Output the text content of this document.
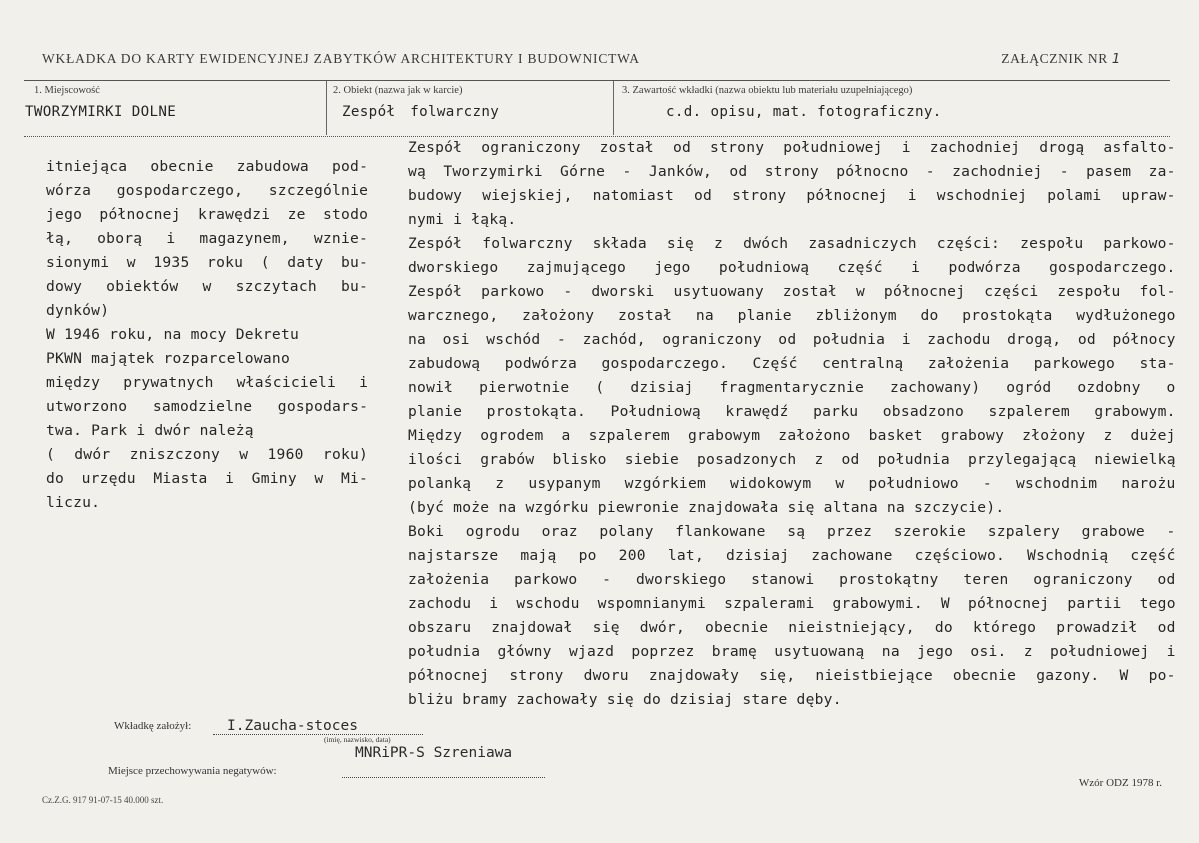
WKŁADKA DO KARTY EWIDENCYJNEJ ZABYTKÓW ARCHITEKTURY I BUDOWNICTWA	ZAŁĄCZNIK NR 1
1. Miejscowość
TWORZYMIRKI DOLNE
2. Obiekt (nazwa jak w karcie)
Zespół folwarczny
3. Zawartość wkładki (nazwa obiektu lub materiału uzupełniającego)
c.d. opisu, mat. fotograficzny.
itniejąca obecnie zabudowa pod-
wórza gospodarczego, szczególnie
jego północnej krawędzi ze stodo
łą, oborą i magazynem, wznie-
sionymi w 1935 roku ( daty bu-
dowy obiektów w szczytach bu-
dynków)
W 1946 roku, na mocy Dekretu
PKWN majątek rozparcelowano
między prywatnych właścicieli i
utworzono samodzielne gospodars-
twa. Park i dwór należą
( dwór zniszczony w 1960 roku)
do urzędu Miasta i Gminy w Mi-
liczu.
Zespół ograniczony został od strony południowej i zachodniej drogą asfalto-
wą Tworzymirki Górne - Janków, od strony północno - zachodniej - pasem za-
budowy wiejskiej, natomiast od strony północnej i wschodniej polami upraw-
nymi i łąką.
Zespół folwarczny składa się z dwóch zasadniczych części: zespołu parkowo-
dworskiego zajmującego jego południową część i podwórza gospodarczego.
Zespół parkowo - dworski usytuowany został w północnej części zespołu fol-
warcznego, założony został na planie zbliżonym do prostokąta wydłużonego
na osi wschód - zachód, ograniczony od południa i zachodu drogą, od północy
zabudową podwórza gospodarczego. Część centralną założenia parkowego sta-
nowił pierwotnie ( dzisiaj fragmentarycznie zachowany) ogród ozdobny o
planie prostokąta. Południową krawędź parku obsadzono szpalerem grabowym.
Między ogrodem a szpalerem grabowym założono basket grabowy złożony z dużej
ilości grabów blisko siebie posadzonych z od południa przylegającą niewielką
polanką z usypanym wzgórkiem widokowym w południowo - wschodnim narożu
(być może na wzgórku piewronie znajdowała się altana na szczycie).
Boki ogrodu oraz polany flankowane są przez szerokie szpalery grabowe -
najstarsze mają po 200 lat, dzisiaj zachowane częściowo. Wschodnią część
założenia parkowo - dworskiego stanowi prostokątny teren ograniczony od
zachodu i wschodu wspomnianymi szpalerami grabowymi. W północnej partii tego
obszaru znajdował się dwór, obecnie nieistniejący, do którego prowadził od
południa główny wjazd poprzez bramę usytuowaną na jego osi. z południowej i
północnej strony dworu znajdowały się, nieistbiejące obecnie gazony. W po-
bliżu bramy zachowały się do dzisiaj stare dęby.
Wkładkę założył: I.Zaucha-stoces
(imię, nazwisko, data)
MNRiPR-S Szreniawa
Miejsce przechowywania negatywów:
Wzór ODZ 1978 r.
Cz.Z.G. 917 91-07-15 40.000 szt.
